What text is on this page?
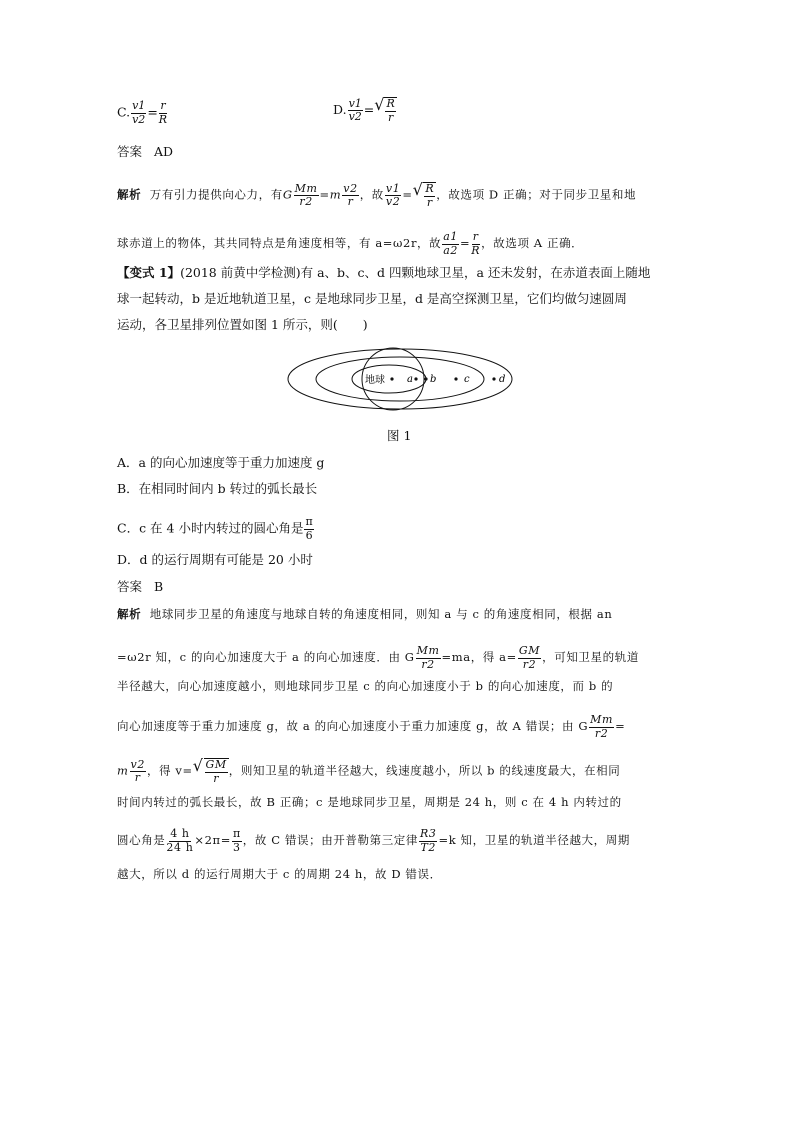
C. $\frac{v1}{v2} = \frac{r}{R}$	D. $\frac{v1}{v2}$ = √ $\frac{R}{r}$
答案 AD
解析 万有引力提供向心力，有G $\frac{Mm}{r2} =m \frac{v2}{r}$ ，故 $\frac{v1}{v2}$ = √ $\frac{R}{r}$ ，故选项 D 正确；对于同步卫星和地
球赤道上的物体，其共同特点是角速度相等，有 a=ω2r，故 $\frac{a1}{a2} = \frac{r}{R}$ ，故选项 A 正确．
【变式 1】(2018 前黄中学检测)有 a、b、c、d 四颗地球卫星，a 还未发射，在赤道表面上随地
球一起转动，b 是近地轨道卫星，c 是地球同步卫星，d 是高空探测卫星，它们均做匀速圆周
运动，各卫星排列位置如图 1 所示，则(　　)
地球 a b	c	d
图 1
A．a 的向心加速度等于重力加速度 g
B．在相同时间内 b 转过的弧长最长
C．c 在 4 小时内转过的圆心角是 $\frac{\pi}{6}$
D．d 的运行周期有可能是 20 小时
答案 B
解析 地球同步卫星的角速度与地球自转的角速度相同，则知 a 与 c 的角速度相同，根据 an
=ω2r 知，c 的向心加速度大于 a 的向心加速度．由 G $\frac{Mm}{r2} =ma$，得 $a= \frac{GM}{r2}$ ，可知卫星的轨道
半径越大，向心加速度越小，则地球同步卫星 c 的向心加速度小于 b 的向心加速度，而 b 的
向心加速度等于重力加速度 g，故 a 的向心加速度小于重力加速度 g，故 A 错误；由 G $\frac{Mm}{r2}$ =
m $\frac{v2}{r}$ ，得 v= √ $\frac{GM}{r}$ ，则知卫星的轨道半径越大，线速度越小，所以 b 的线速度最大，在相同
时间内转过的弧长最长，故 B 正确；c 是地球同步卫星，周期是 24 h，则 c 在 4 h 内转过的
圆心角是 $\frac{4 h}{24 h} \times 2\pi= \frac{\pi}{3}$ ，故 C 错误；由开普勒第三定律 $\frac{R3}{T2} =k$ 知，卫星的轨道半径越大，周期
越大，所以 d 的运行周期大于 c 的周期 24 h，故 D 错误．
